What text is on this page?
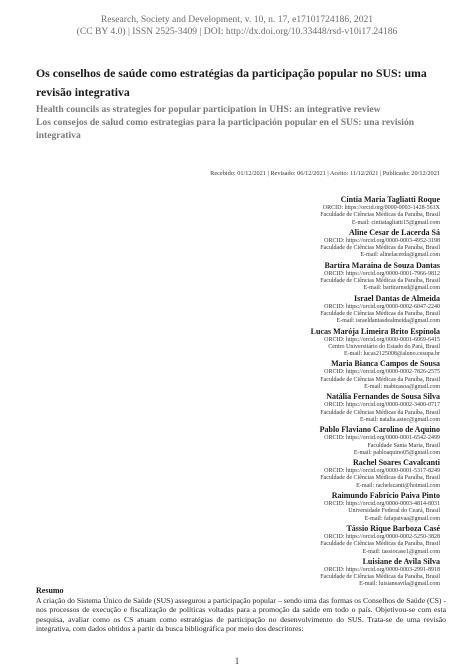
Research, Society and Development, v. 10, n. 17, e17101724186, 2021
(CC BY 4.0) | ISSN 2525-3409 | DOI: http://dx.doi.org/10.33448/rsd-v10i17.24186
Os conselhos de saúde como estratégias da participação popular no SUS: uma revisão integrativa
Health councils as strategies for popular participation in UHS: an integrative review
Los consejos de salud como estrategias para la participación popular en el SUS: una revisión integrativa
Recebido: 01/12/2021 | Revisado: 06/12/2021 | Aceito: 11/12/2021 | Publicado: 20/12/2021
Cíntia Maria Tagliatti Roque
ORCID: https://orcid.org/0000-0003-1428-561X
Faculdade de Ciências Médicas da Paraíba, Brasil
E-mail: cintiatagliatti15@gmail.com
Aline Cesar de Lacerda Sá
ORCID: https://orcid.org/0000-0003-4952-3198
Faculdade de Ciências Médicas da Paraíba, Brasil
E-mail: alinelacerda@gmail.com
Bartíra Maraína de Souza Dantas
ORCID: https://orcid.org/0000-0001-7966-9812
Faculdade de Ciências Médicas da Paraíba, Brasil
E-mail: bartirarnsd@gmail.com
Israel Dantas de Almeida
ORCID: https://orcid.org/0000-0002-6047-2240
Faculdade de Ciências Médicas da Paraíba, Brasil
E-mail: israeldantasdealmeida@gmail.com
Lucas Marója Limeira Brito Espínola
ORCID: https://orcid.org/0000-0001-6069-6415
Centro Universitário do Estado do Pará, Brasil
E-mail: lucas2125008@aluno.cesupa.br
Maria Bianca Campos de Sousa
ORCID: https://orcid.org/0000-0002-7826-2575
Faculdade de Ciências Médicas da Paraíba, Brasil
E-mail: mabicasoa@gmail.com
Natália Fernandes de Sousa Silva
ORCID: https://orcid.org/0000-0002-3400-0717
Faculdade de Ciências Médicas da Paraíba, Brasil
E-mail: natalia.astec@gmail.com
Pablo Flaviano Carolino de Aquino
ORCID: https://orcid.org/0000-0001-6542-2499
Faculdade Santa Maria, Brasil
E-mail: pabloaquino05@gmail.com
Rachel Soares Cavalcanti
ORCID: https://orcid.org/0000-0001-5317-8249
Faculdade de Ciências Médicas da Paraíba, Brasil
E-mail: rachelscanti@hotmail.com
Raimundo Fabrício Paiva Pinto
ORCID: https://orcid.org/0000-0003-4814-8031
Universidade Federal do Ceará, Brasil
E-mail: fafapaivaa@gmail.com
Tássio Rique Barboza Casé
ORCID: https://orcid.org/0000-0002-5250-3828
Faculdade de Ciências Médicas da Paraíba, Brasil
E-mail: tassiocase1@gmail.com
Luisiane de Avila Silva
ORCID: https://orcid.org/0000-0003-2991-8918
Faculdade de Ciências Médicas da Paraíba, Brasil
E-mail: luisianeavila@gmail.com
Resumo
A criação do Sistema Único de Saúde (SUS) assegurou a participação popular – sendo uma das formas os Conselhos de Saúde (CS) - nos processos de execução e fiscalização de políticas voltadas para a promoção da saúde em todo o país. Objetivou-se com esta pesquisa, avaliar como os CS atuam como estratégias de participação no desenvolvimento do SUS. Trata-se de uma revisão integrativa, com dados obtidos a partir da busca bibliográfica por meio dos descritores:
1
